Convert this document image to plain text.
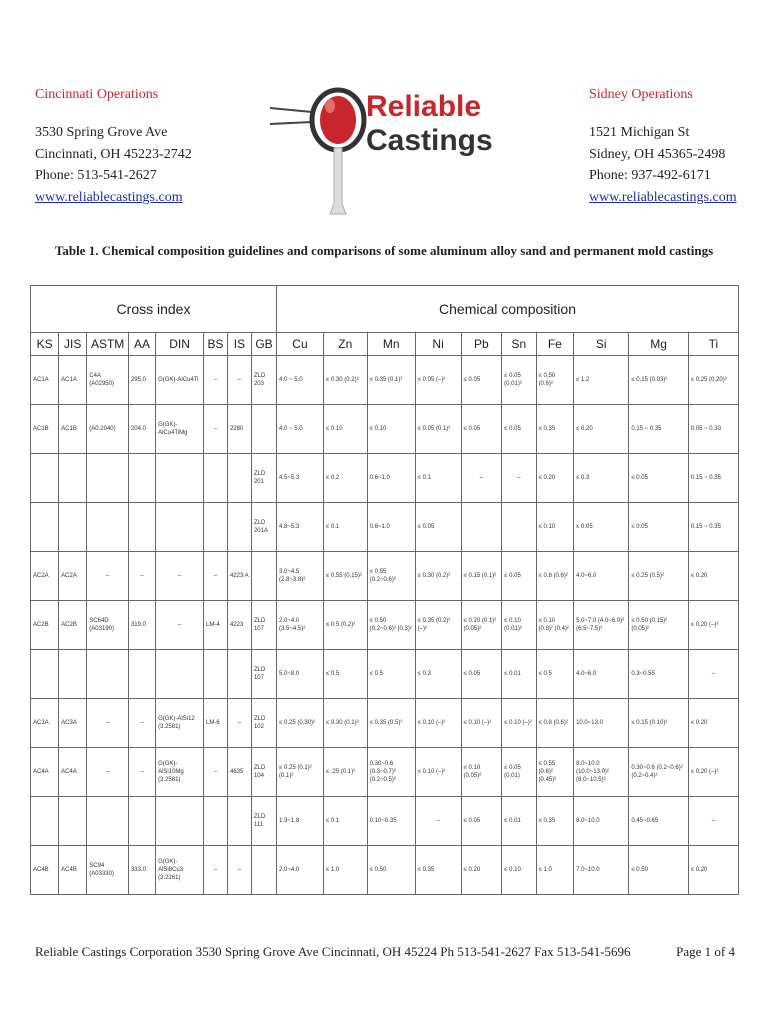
Cincinnati Operations
3530 Spring Grove Ave
Cincinnati, OH 45223-2742
Phone: 513-541-2627
www.reliablecastings.com
Reliable
Castings
Sidney Operations
1521 Michigan St
Sidney, OH 45365-2498
Phone: 937-492-6171
www.reliablecastings.com
Table 1. Chemical composition guidelines and comparisons of some aluminum alloy sand and permanent mold castings
Cross index								Chemical composition									
KS	JIS	ASTM	AA	DIN	BS	IS	GB	Cu	Zn	Mn	Ni	Pb	Sn	Fe	Si	Mg	Ti
AC1A	AC1A	C4A (A02950)	295.0	G(GK)-AlCu4Ti	–	–	ZLD 203	4.0 ~ 5.0	≤ 0.30 (0.2)²	≤ 0.35 (0.1)²	≤ 0.05 (–)²	≤ 0.05	≤ 0.05 (0.01)²	≤ 0.50 (0.6)²	≤ 1.2	≤ 0.15 (0.03)²	≤ 0.25 (0.20)²
AC1B	AC1B	(A0.2040)	204.0	G(GK)-AlCu4TiMg	–	2280		4.0 ~ 5.0	≤ 0.10	≤ 0.10	≤ 0.05 (0.1)²	≤ 0.05	≤ 0.05	≤ 0.35	≤ 0.20	0.15 ~ 0.35	0.05 ~ 0.30
							ZLD 201	4.5~5.3	≤ 0.2	0.6~1.0	≤ 0.1	–	–	≤ 0.20	≤ 0.3	≤ 0.05	0.15 ~ 0.35
							ZLD 201A	4.8~5.3	≤ 0.1	0.6~1.0	≤ 0.05			≤ 0.10	≤ 0.05	≤ 0.05	0.15 ~ 0.35
AC2A	AC2A	–	–	–	–	4223 A		3.0~4.5 (2.8~3.8)²	≤ 0.55 (0.15)²	≤ 0.55 (0.2~0.6)²	≤ 0.30 (0.2)²	≤ 0.15 (0.1)²	≤ 0.05	≤ 0.8 (0.6)²	4.0~6.0	≤ 0.25 (0.5)²	≤ 0.20
AC2B	AC2B	SC64D (A03190)	319.0	–	LM-4	4223	ZLD 107	2.0~4.0 (3.5~4.5)²	≤ 0.5 (0.2)²	≤ 0.50 (0.2~0.6)² (0.3)²	≤ 0.35 (0.2)² (–)²	≤ 0.20 (0.1)² (0.05)²	≤ 0.10 (0.01)²	≤ 0.10 (0.8)² (0.4)²	5.0~7.0 (4.0~6.0)² (6.5~7.5)²	≤ 0.50 (0.15)² (0.05)²	≤ 0.20 (–)²
							ZLD 107	5.0~8.0	≤ 0.5	≤ 0.5	≤ 0.3	≤ 0.05	≤ 0.01	≤ 0.5	4.0~6.0	0.3~0.55	–
AC3A	AC3A	–	–	G(GK)-AlSi12 (3.2581)	LM-6	–	ZLD 102	≤ 0.25 (0.30)²	≤ 0.30 (0.1)²	≤ 0.35 (0.5)²	≤ 0.10 (–)²	≤ 0.10 (–)²	≤ 0.10 (–)²	≤ 0.8 (0.6)²	10.0~13.0	≤ 0.15 (0.10)²	≤ 0.20
AC4A	AC4A	–	–	G(GK)-AlSi10Mg (3.2581)	–	4635	ZLD 104	≤ 0.25 (0.1)² (0.1)²	≤ .25 (0.1)²	0.30~0.6 (0.3~0.7)² (0.2~0.5)²	≤ 0.10 (–)²	≤ 0.10 (0.05)²	≤ 0.05 (0.01)	≤ 0.55 (0.6)² (0.45)²	8.0~10.0 (10.0~13.0)² (8.0~10.5)²	0.30~0.6 (0.2~0.6)² (0.2~0.4)²	≤ 0.20 (–)²
							ZLD 111	1.3~1.8	≤ 0.1	0.10~0.35	–	≤ 0.05	≤ 0.01	≤ 0.35	8.0~10.0	0.45~0.65	–
AC4B	AC4B	SC94 (A03330)	333.0	G(GK)-AlSi8Cu3 (3.2161)	–	–		2.0~4.0	≤ 1.0	≤ 0.50	≤ 0.35	≤ 0.20	≤ 0.10	≤ 1.0	7.0~10.0	≤ 0.50	≤ 0.20
Reliable Castings Corporation 3530 Spring Grove Ave Cincinnati, OH 45224 Ph 513-541-2627 Fax 513-541-5696	Page 1 of 4
